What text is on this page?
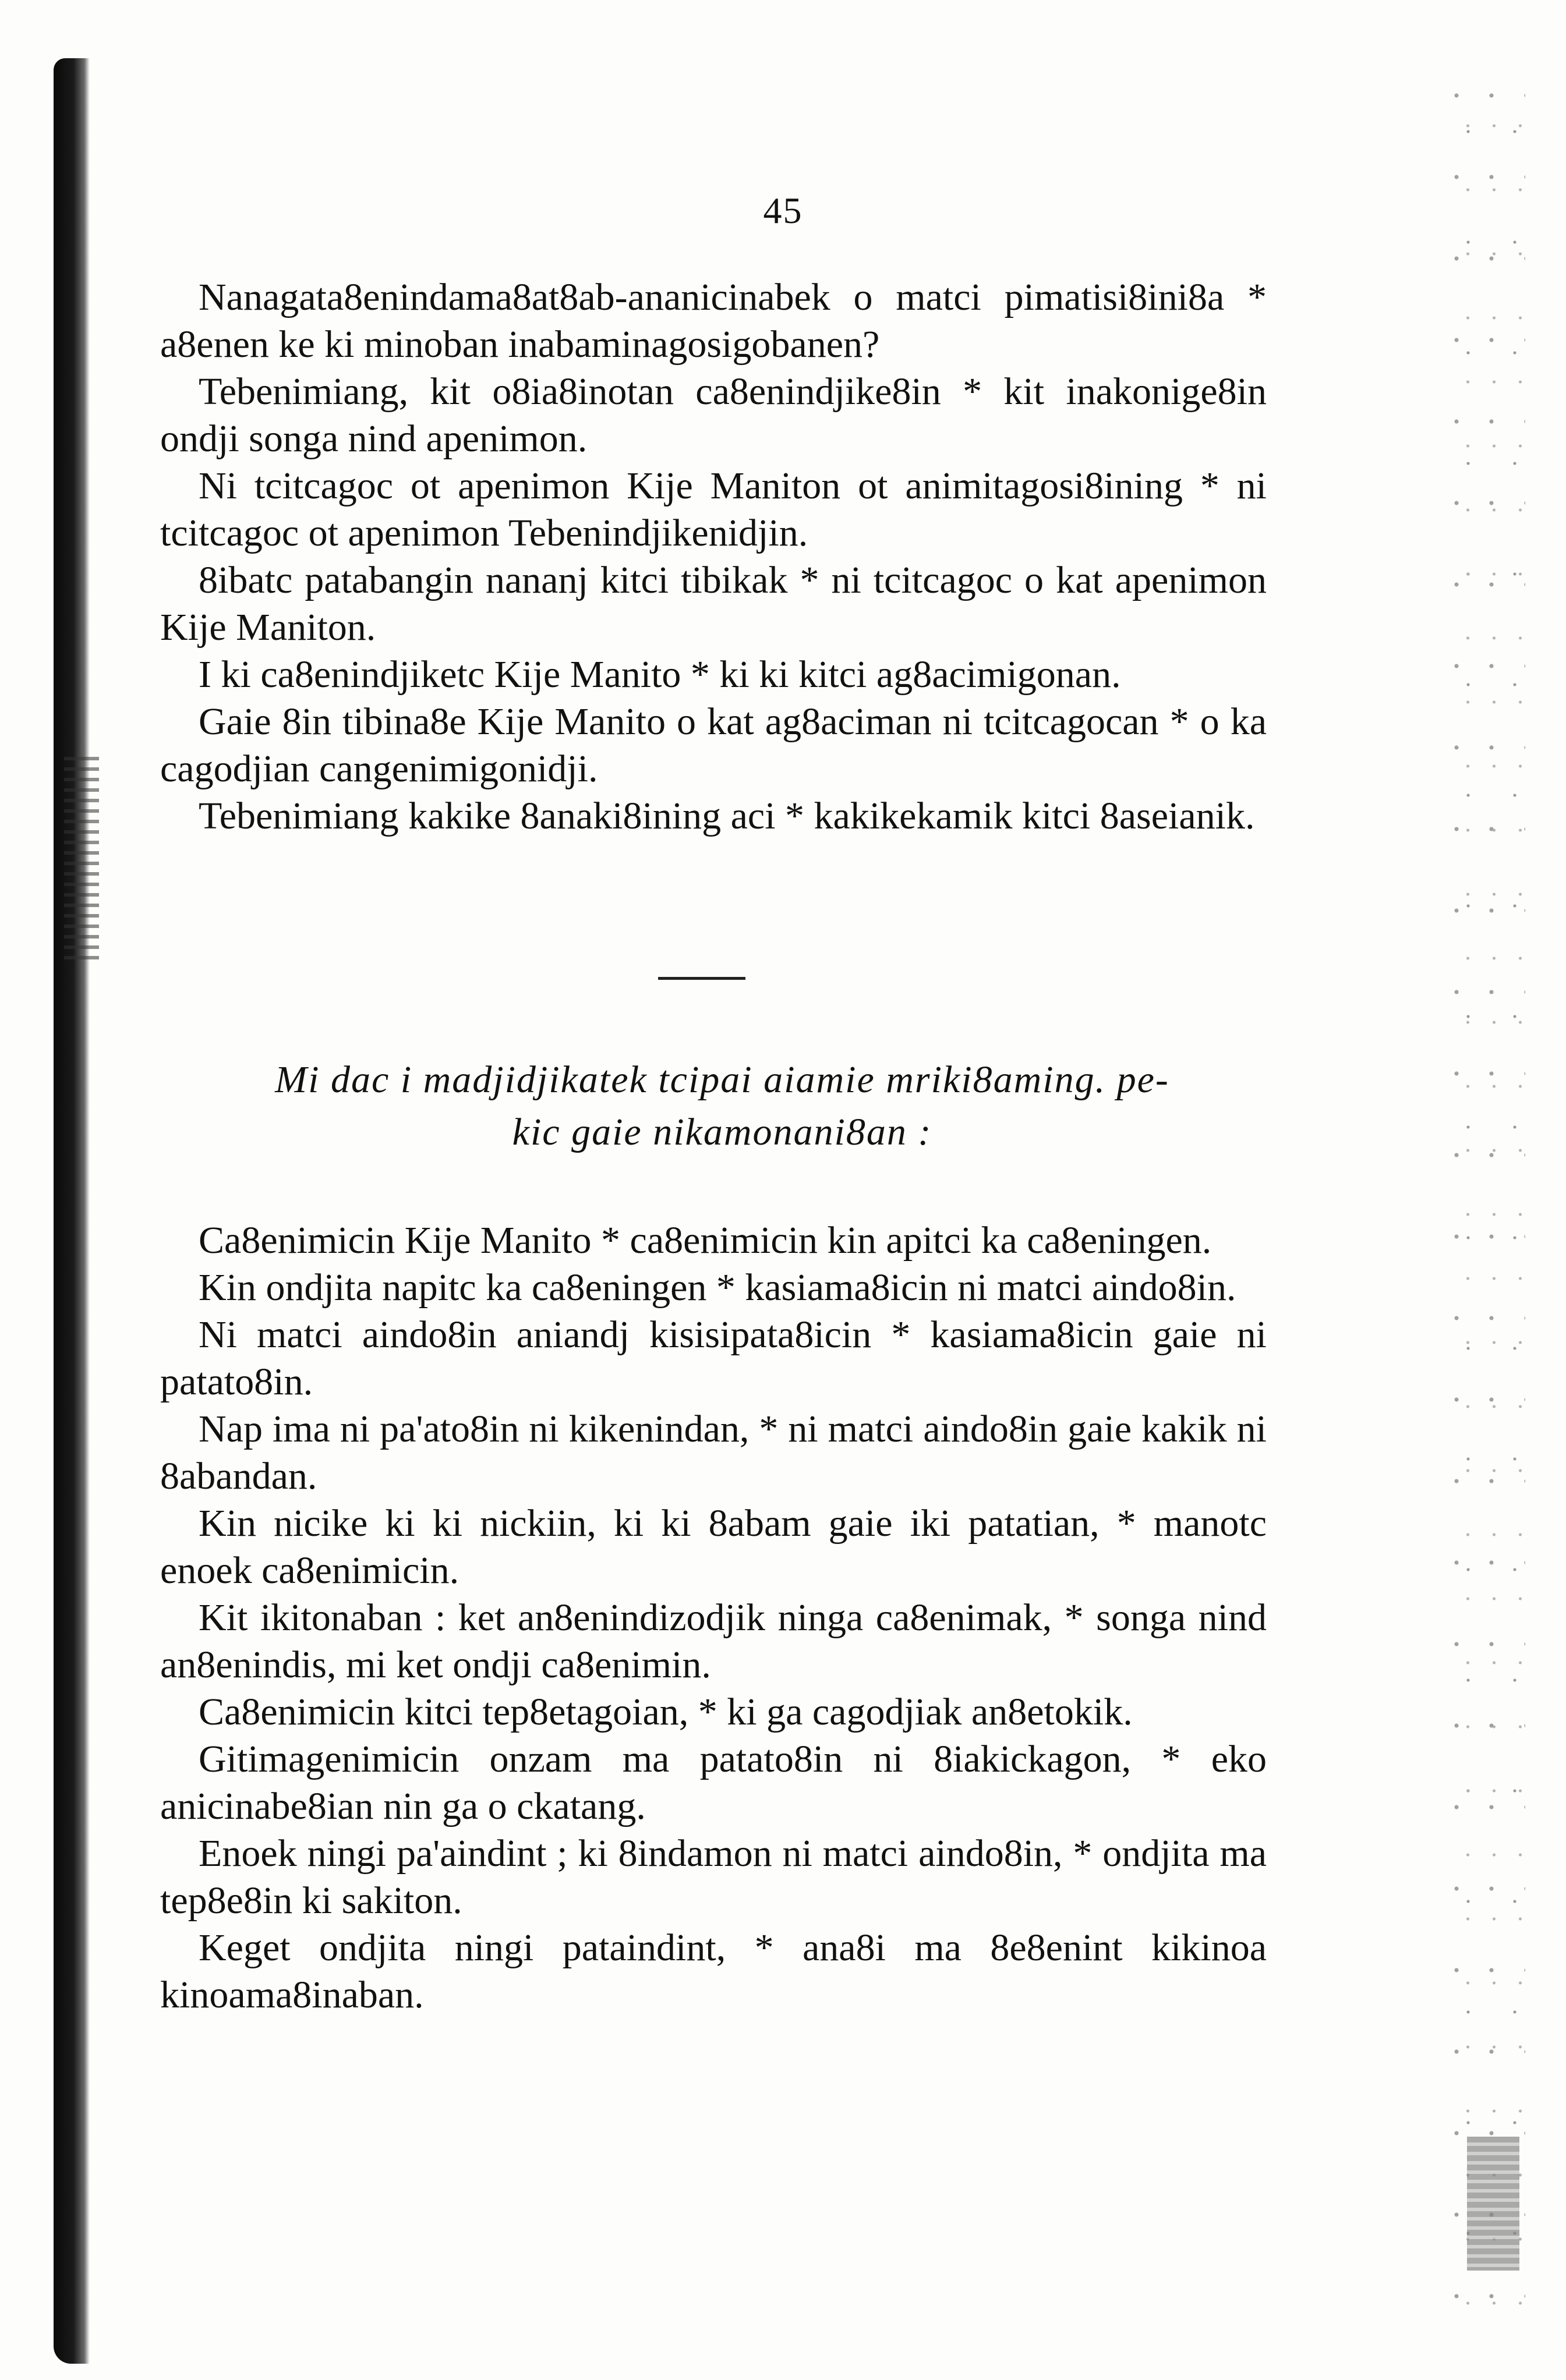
45

Nanagata8enindama8at8ab-ananicinabek o matci pimatisi8ini8a * a8enen ke ki minoban inabaminagosigobanen?

Tebenimiang, kit o8ia8inotan ca8enindjike8in * kit inakonige8in ondji songa nind apenimon.

Ni tcitcagoc ot apenimon Kije Maniton ot animitagosi8ining * ni tcitcagoc ot apenimon Tebenindjikenidjin.

8ibatc patabangin nananj kitci tibikak * ni tcitcagoc o kat apenimon Kije Maniton.

I ki ca8enindjiketc Kije Manito * ki ki kitci ag8acimigonan.

Gaie 8in tibina8e Kije Manito o kat ag8aciman ni tcitcagocan * o ka cagodjian cangenimigonidji.

Tebenimiang kakike 8anaki8ining aci * kakikekamik kitci 8aseianik.

Mi dac i madjidjikatek tcipai aiamie mriki8aming. pe-
kic gaie nikamonani8an :

Ca8enimicin Kije Manito * ca8enimicin kin apitci ka ca8eningen.

Kin ondjita napitc ka ca8eningen * kasiama8icin ni matci aindo8in.

Ni matci aindo8in aniandj kisisipata8icin * kasiama8icin gaie ni patato8in.

Nap ima ni pa'ato8in ni kikenindan, * ni matci aindo8in gaie kakik ni 8abandan.

Kin nicike ki ki nickiin, ki ki 8abam gaie iki patatian, * manotc enoek ca8enimicin.

Kit ikitonaban : ket an8enindizodjik ninga ca8enimak, * songa nind an8enindis, mi ket ondji ca8enimin.

Ca8enimicin kitci tep8etagoian, * ki ga cagodjiak an8etokik.

Gitimagenimicin onzam ma patato8in ni 8iakickagon, * eko anicinabe8ian nin ga o ckatang.

Enoek ningi pa'aindint ; ki 8indamon ni matci aindo8in, * ondjita ma tep8e8in ki sakiton.

Keget ondjita ningi pataindint, * ana8i ma 8e8enint kikinoa kinoama8inaban.
